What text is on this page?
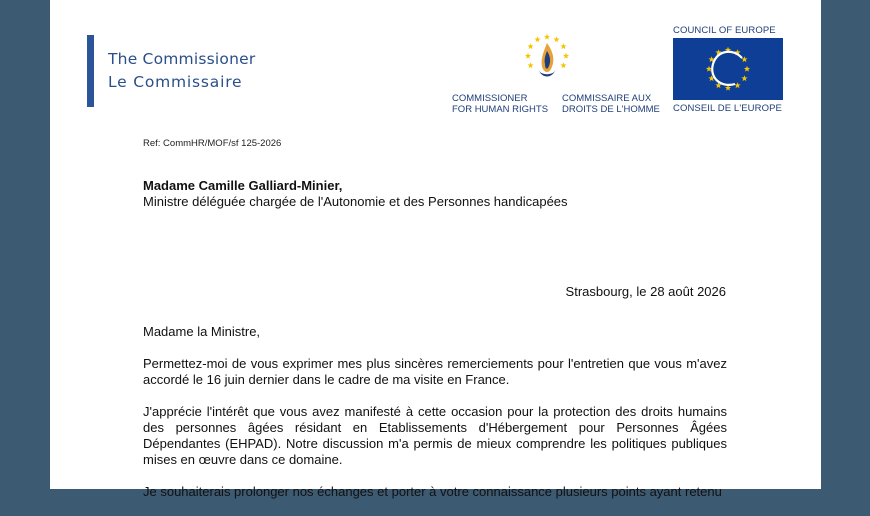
The Commissioner
Le Commissaire
COMMISSIONER
FOR HUMAN RIGHTS
COMMISSAIRE AUX
DROITS DE L'HOMME
COUNCIL OF EUROPE
CONSEIL DE L'EUROPE
Ref: CommHR/MOF/sf 125-2026
Madame Camille Galliard-Minier,
Ministre déléguée chargée de l'Autonomie et des Personnes handicapées
Strasbourg, le 28 août 2026

Madame la Ministre,

Permettez-moi de vous exprimer mes plus sincères remerciements pour l'entretien que vous m'avez accordé le 16 juin dernier dans le cadre de ma visite en France.

J'apprécie l'intérêt que vous avez manifesté à cette occasion pour la protection des droits humains des personnes âgées résidant en Etablissements d'Hébergement pour Personnes Âgées Dépendantes (EHPAD). Notre discussion m'a permis de mieux comprendre les politiques publiques mises en œuvre dans ce domaine.

Je souhaiterais prolonger nos échanges et porter à votre connaissance plusieurs points ayant retenu
